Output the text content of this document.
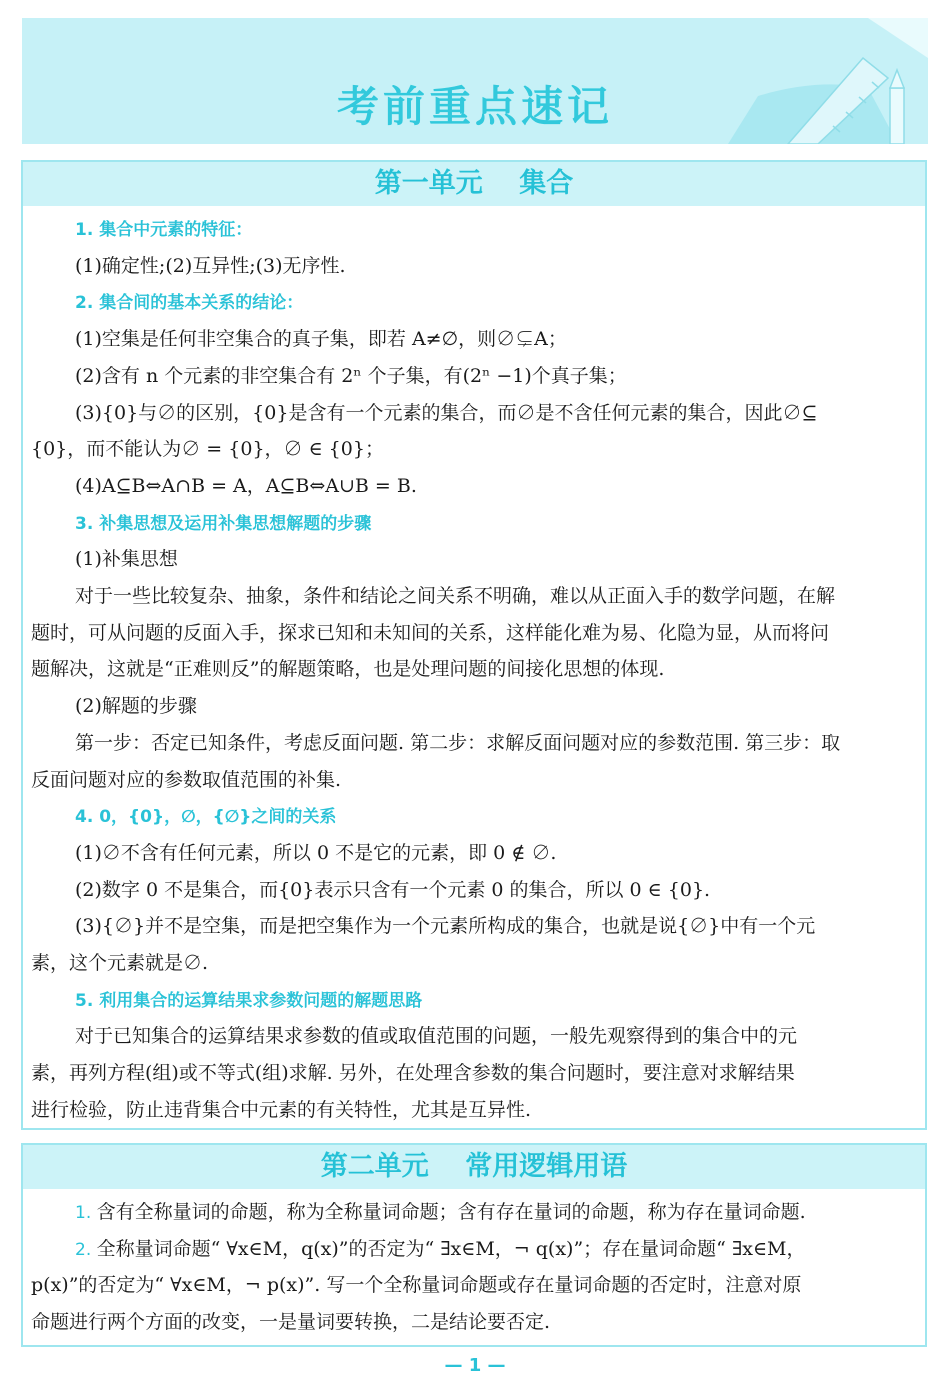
考前重点速记
第一单元　 集合
1. 集合中元素的特征：
(1)确定性;(2)互异性;(3)无序性.
2. 集合间的基本关系的结论：
(1)空集是任何非空集合的真子集，即若 A≠∅，则∅⊊A；
(2)含有 n 个元素的非空集合有 2ⁿ 个子集，有(2ⁿ −1)个真子集；
(3){0}与∅的区别，{0}是含有一个元素的集合，而∅是不含任何元素的集合，因此∅⊆
{0}，而不能认为∅ = {0}，∅ ∈ {0}；
(4)A⊆B⇔A∩B = A，A⊆B⇔A∪B = B.
3. 补集思想及运用补集思想解题的步骤
(1)补集思想
对于一些比较复杂、抽象，条件和结论之间关系不明确，难以从正面入手的数学问题，在解
题时，可从问题的反面入手，探求已知和未知间的关系，这样能化难为易、化隐为显，从而将问
题解决，这就是“正难则反”的解题策略，也是处理问题的间接化思想的体现.
(2)解题的步骤
第一步：否定已知条件，考虑反面问题. 第二步：求解反面问题对应的参数范围. 第三步：取
反面问题对应的参数取值范围的补集.
4. 0，{0}，∅，{∅}之间的关系
(1)∅不含有任何元素，所以 0 不是它的元素，即 0 ∉ ∅.
(2)数字 0 不是集合，而{0}表示只含有一个元素 0 的集合，所以 0 ∈ {0}.
(3){∅}并不是空集，而是把空集作为一个元素所构成的集合，也就是说{∅}中有一个元
素，这个元素就是∅.
5. 利用集合的运算结果求参数问题的解题思路
对于已知集合的运算结果求参数的值或取值范围的问题，一般先观察得到的集合中的元
素，再列方程(组)或不等式(组)求解. 另外，在处理含参数的集合问题时，要注意对求解结果
进行检验，防止违背集合中元素的有关特性，尤其是互异性.
第二单元　 常用逻辑用语
1. 含有全称量词的命题，称为全称量词命题；含有存在量词的命题，称为存在量词命题.
2. 全称量词命题“ ∀x∈M，q(x)”的否定为“ ∃x∈M，¬ q(x)”；存在量词命题“ ∃x∈M，
p(x)”的否定为“ ∀x∈M，¬ p(x)”. 写一个全称量词命题或存在量词命题的否定时，注意对原
命题进行两个方面的改变，一是量词要转换，二是结论要否定.
— 1 —
